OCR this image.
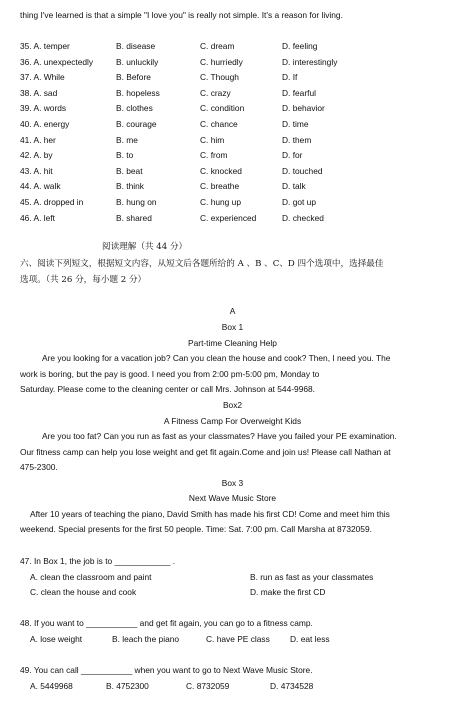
thing I've learned is that a simple "I love you" is really not simple. It's a reason for living.
35. A. temper	B. disease	C. dream	D. feeling
36. A. unexpectedly	B. unluckily	C. hurriedly	D. interestingly
37. A. While	B. Before	C. Though	D. If
38. A. sad	B. hopeless	C. crazy	D. fearful
39. A. words	B. clothes	C. condition	D. behavior
40. A. energy	B. courage	C. chance	D. time
41. A. her	B. me	C. him	D. them
42. A. by	B. to	C. from	D. for
43. A. hit	B. beat	C. knocked	D. touched
44. A. walk	B. think	C. breathe	D. talk
45. A. dropped in	B. hung on	C. hung up	D. got up
46. A. left	B. shared	C. experienced	D. checked
阅读理解（共 44 分）
六、阅读下列短文，根据短文内容，从短文后各题所给的 A 、B 、C、D 四个选项中，选择最佳
选项。（共 26 分，每小题 2 分）
A
Box 1
Part-time Cleaning Help
Are you looking for a vacation job? Can you clean the house and cook? Then, I need you. The
work is boring, but the pay is good. I need you from 2:00 pm-5:00 pm, Monday to
Saturday. Please come to the cleaning center or call Mrs. Johnson at 544-9968.
Box2
A Fitness Camp For Overweight Kids
Are you too fat? Can you run as fast as your classmates? Have you failed your PE examination.
Our fitness camp can help you lose weight and get fit again.Come and join us! Please call Nathan at
475-2300.
Box 3
Next Wave Music Store
After 10 years of teaching the piano, David Smith has made his first CD! Come and meet him this
weekend. Special presents for the first 50 people. Time: Sat. 7:00 pm. Call Marsha at 8732059.
47. In Box 1, the job is to ____________ .
A. clean the classroom and paint	B. run as fast as your classmates
C. clean the house and cook	D. make the first CD
48. If you want to ___________ and get fit again, you can go to a fitness camp.
A. lose weight	B. leach the piano	C. have PE class D. eat less
49. You can call ___________ when you want to go to Next Wave Music Store.
A. 5449968	B. 4752300	C. 8732059	D. 4734528
